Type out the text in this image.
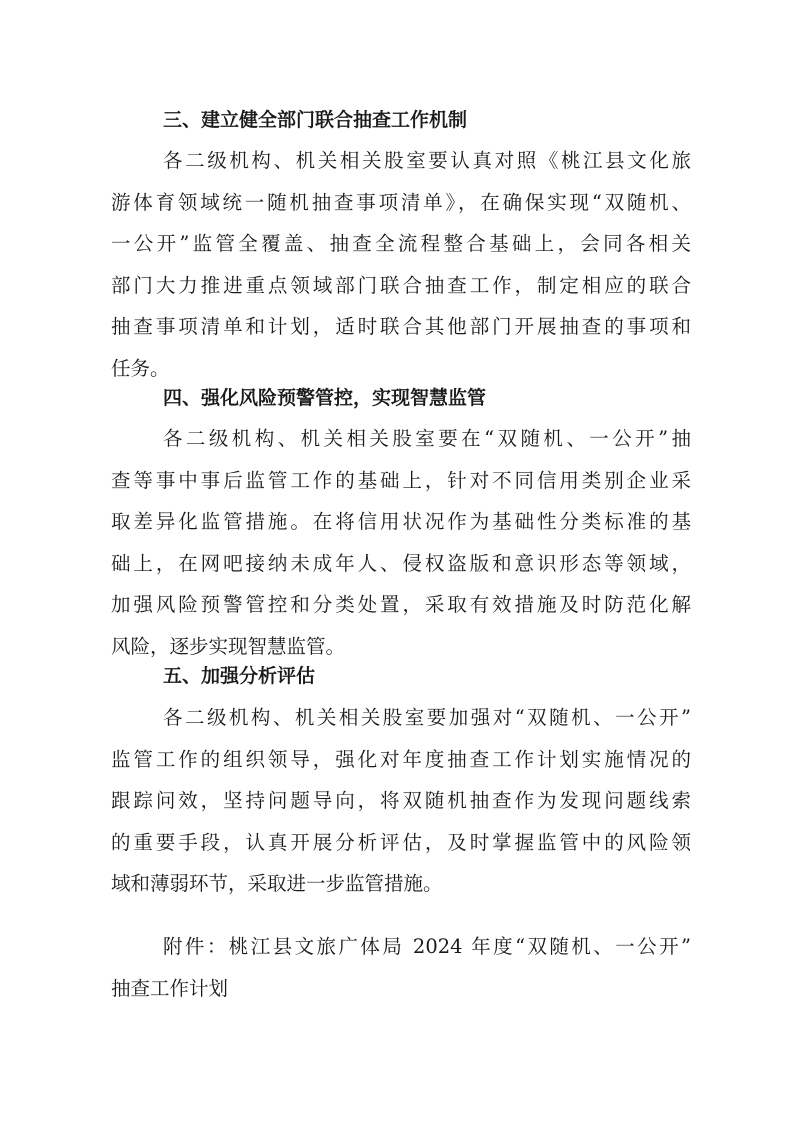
三、建立健全部门联合抽查工作机制
各二级机构、机关相关股室要认真对照《桃江县文化旅
游体育领域统一随机抽查事项清单》，在确保实现“双随机、
一公开”监管全覆盖、抽查全流程整合基础上，会同各相关
部门大力推进重点领域部门联合抽查工作，制定相应的联合
抽查事项清单和计划，适时联合其他部门开展抽查的事项和
任务。
四、强化风险预警管控，实现智慧监管
各二级机构、机关相关股室要在“双随机、一公开”抽
查等事中事后监管工作的基础上，针对不同信用类别企业采
取差异化监管措施。在将信用状况作为基础性分类标准的基
础上，在网吧接纳未成年人、侵权盗版和意识形态等领域，
加强风险预警管控和分类处置，采取有效措施及时防范化解
风险，逐步实现智慧监管。
五、加强分析评估
各二级机构、机关相关股室要加强对“双随机、一公开”
监管工作的组织领导，强化对年度抽查工作计划实施情况的
跟踪问效，坚持问题导向，将双随机抽查作为发现问题线索
的重要手段，认真开展分析评估，及时掌握监管中的风险领
域和薄弱环节，采取进一步监管措施。
附件：桃江县文旅广体局 2024 年度“双随机、一公开”
抽查工作计划
